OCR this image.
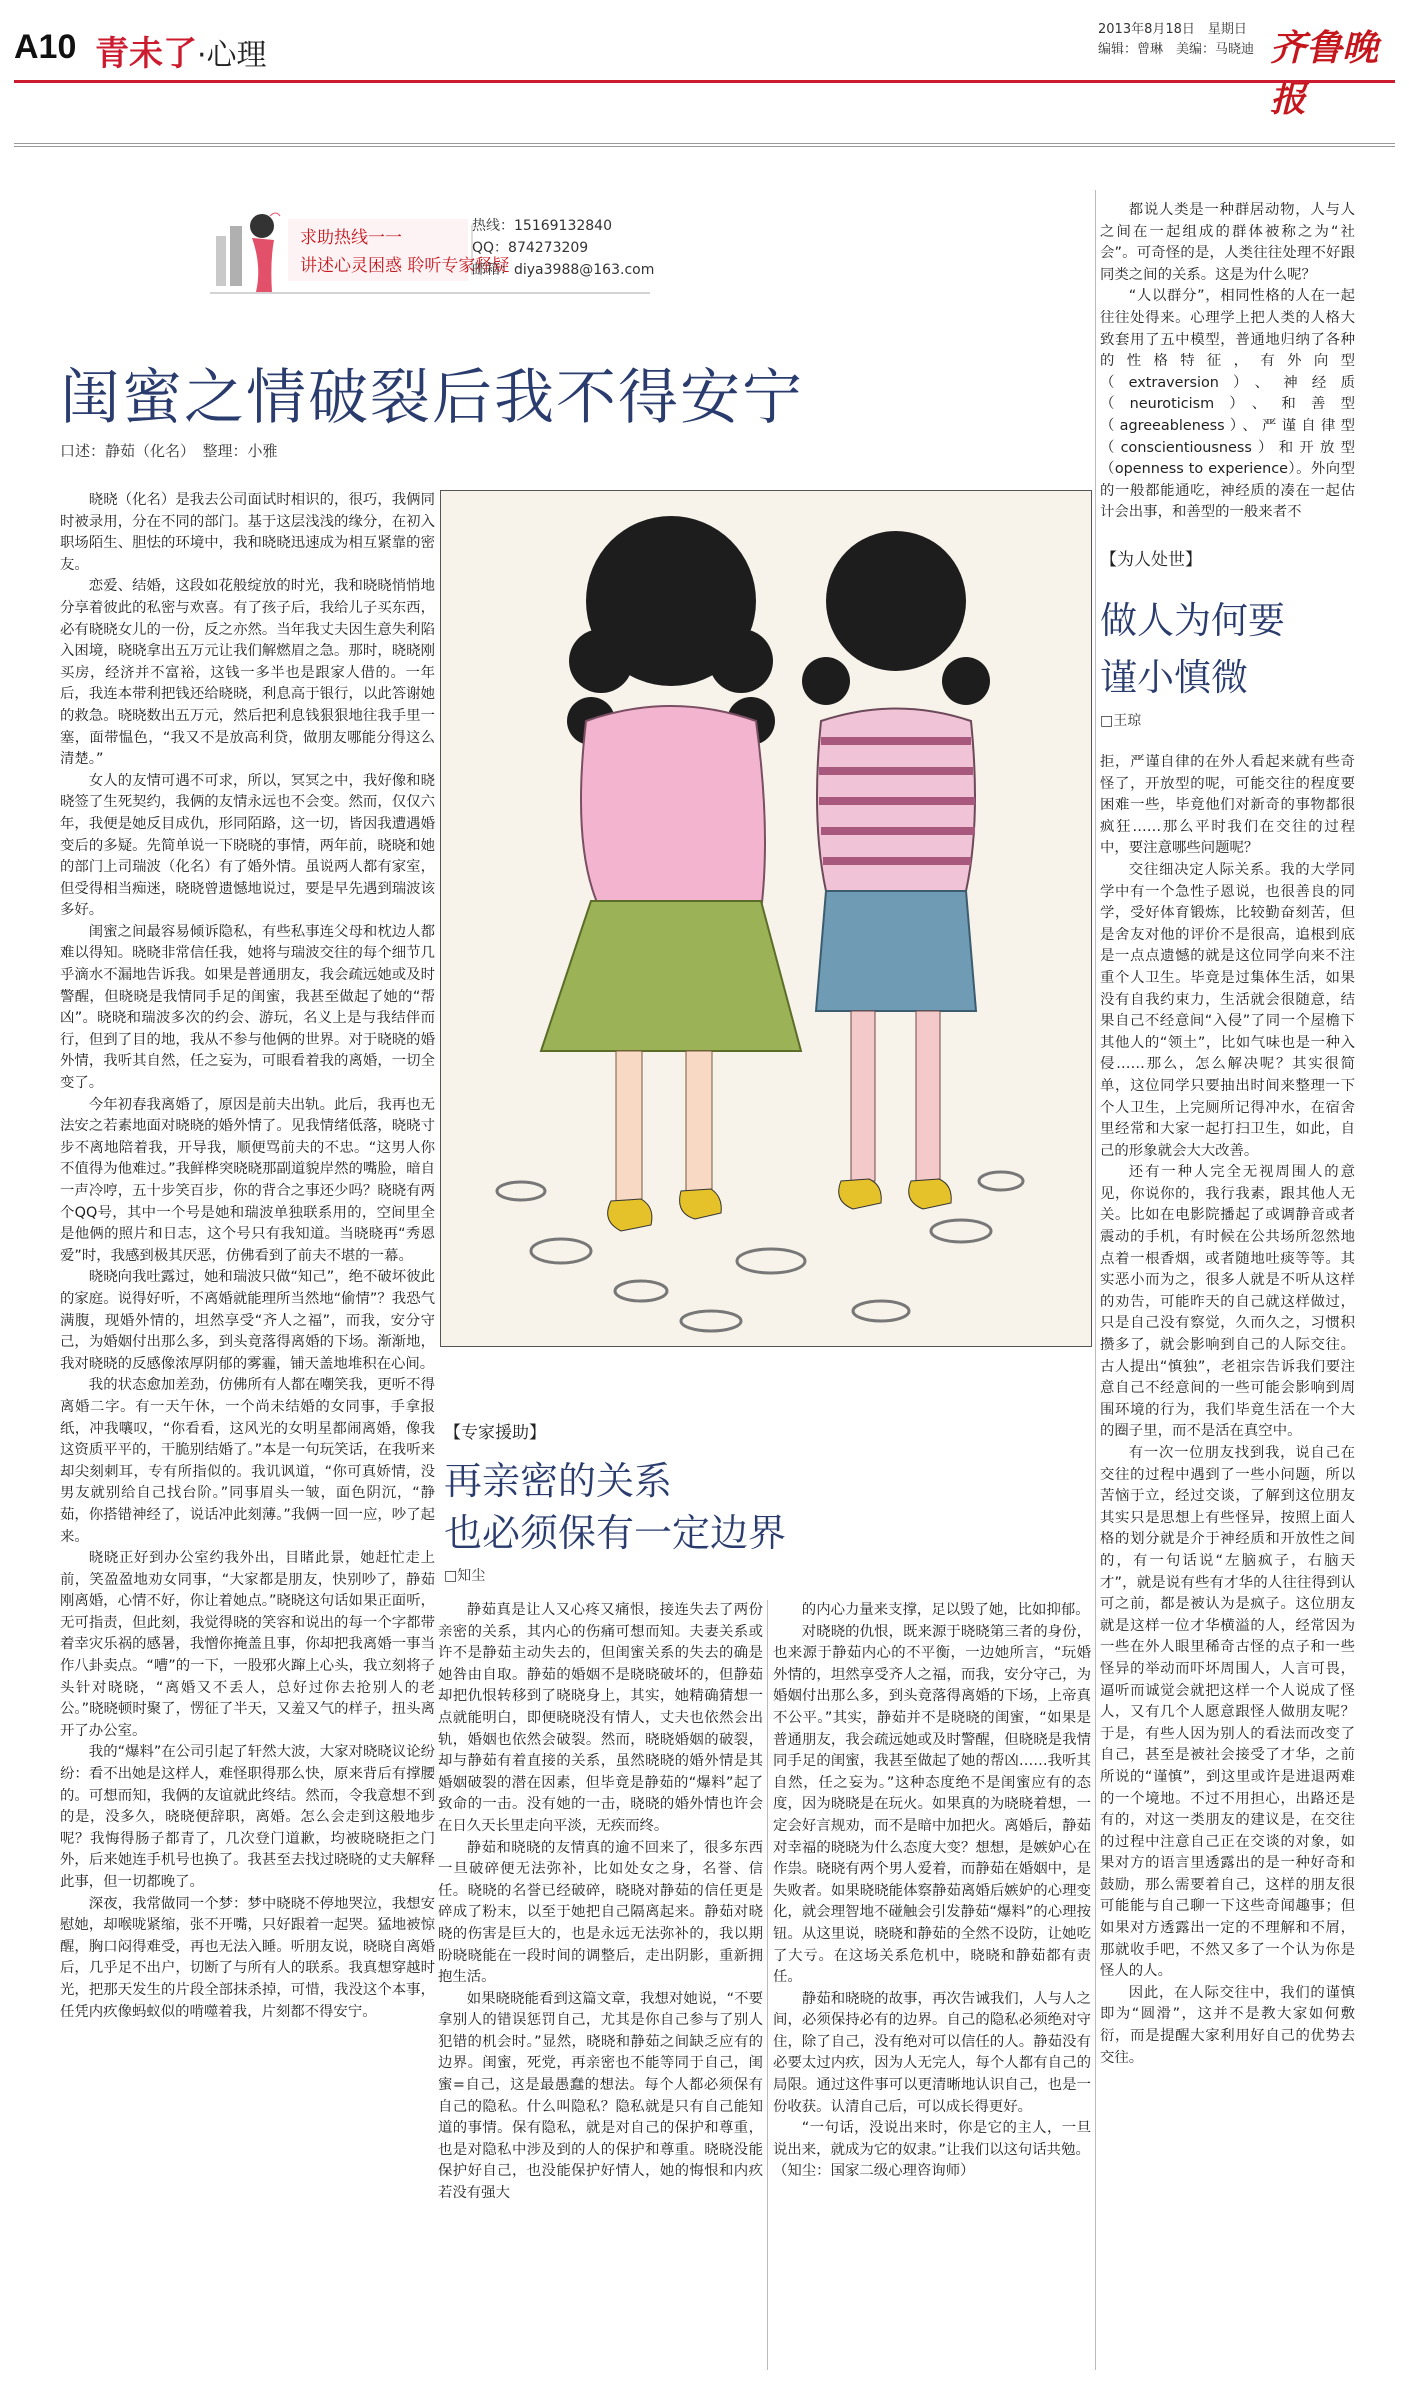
A10 青未了·心理
2013年8月18日　星期日
编辑：曾琳　美编：马晓迪 齐鲁晚报
求助热线一一
讲述心灵困惑 聆听专家释疑
热线：15169132840
QQ：874273209
邮箱：diya3988@163.com
闺蜜之情破裂后我不得安宁
口述：静茹（化名）　整理：小雅

晓晓（化名）是我去公司面试时相识的，很巧，我俩同时被录用，分在不同的部门。基于这层浅浅的缘分，在初入职场陌生、胆怯的环境中，我和晓晓迅速成为相互紧靠的密友。

恋爱、结婚，这段如花般绽放的时光，我和晓晓悄悄地分享着彼此的私密与欢喜。有了孩子后，我给儿子买东西，必有晓晓女儿的一份，反之亦然。当年我丈夫因生意失利陷入困境，晓晓拿出五万元让我们解燃眉之急。那时，晓晓刚买房，经济并不富裕，这钱一多半也是跟家人借的。一年后，我连本带利把钱还给晓晓，利息高于银行，以此答谢她的救急。晓晓数出五万元，然后把利息钱狠狠地往我手里一塞，面带愠色，“我又不是放高利贷，做朋友哪能分得这么清楚。”

女人的友情可遇不可求，所以，冥冥之中，我好像和晓晓签了生死契约，我俩的友情永远也不会变。然而，仅仅六年，我便是她反目成仇，形同陌路，这一切，皆因我遭遇婚变后的多疑。先简单说一下晓晓的事情，两年前，晓晓和她的部门上司瑞波（化名）有了婚外情。虽说两人都有家室，但受得相当痴迷，晓晓曾遗憾地说过，要是早先遇到瑞波该多好。

闺蜜之间最容易倾诉隐私，有些私事连父母和枕边人都难以得知。晓晓非常信任我，她将与瑞波交往的每个细节几乎滴水不漏地告诉我。如果是普通朋友，我会疏远她或及时警醒，但晓晓是我情同手足的闺蜜，我甚至做起了她的“帮凶”。晓晓和瑞波多次的约会、游玩，名义上是与我结伴而行，但到了目的地，我从不参与他俩的世界。对于晓晓的婚外情，我听其自然，任之妄为，可眼看着我的离婚，一切全变了。

今年初春我离婚了，原因是前夫出轨。此后，我再也无法安之若素地面对晓晓的婚外情了。见我情绪低落，晓晓寸步不离地陪着我，开导我，顺便骂前夫的不忠。“这男人你不值得为他难过。”我鲜桦突晓晓那副道貌岸然的嘴脸，暗自一声冷哼，五十步笑百步，你的背合之事还少吗？晓晓有两个QQ号，其中一个号是她和瑞波单独联系用的，空间里全是他俩的照片和日志，这个号只有我知道。当晓晓再“秀恩爱”时，我感到极其厌恶，仿佛看到了前夫不堪的一幕。

晓晓向我吐露过，她和瑞波只做“知己”，绝不破坏彼此的家庭。说得好听，不离婚就能理所当然地“偷情”？我恐气满腹，现婚外情的，坦然享受“齐人之福”，而我，安分守己，为婚姻付出那么多，到头竟落得离婚的下场。渐渐地，我对晓晓的反感像浓厚阴郁的雾霾，铺天盖地堆积在心间。

我的状态愈加差劲，仿佛所有人都在嘲笑我，更听不得离婚二字。有一天午休，一个尚未结婚的女同事，手拿报纸，冲我嚷叹，“你看看，这风光的女明星都闹离婚，像我这资质平平的，干脆别结婚了。”本是一句玩笑话，在我听来却尖刻刺耳，专有所指似的。我讥讽道，“你可真娇情，没男友就别给自己找台阶。”同事眉头一皱，面色阴沉，“静茹，你搭错神经了，说话冲此刻薄。”我俩一回一应，吵了起来。

晓晓正好到办公室约我外出，目睹此景，她赶忙走上前，笑盈盈地劝女同事，“大家都是朋友，快别吵了，静茹刚离婚，心情不好，你让着她点。”晓晓这句话如果正面听，无可指责，但此刻，我觉得晓的笑容和说出的每一个字都带着幸灾乐祸的感暑，我憎你掩盖且事，你却把我离婚一事当作八卦卖点。“嘈”的一下，一股邪火蹿上心头，我立刻将子头针对晓晓，“离婚又不丢人，总好过你去抢别人的老公。”晓晓顿时聚了，愣征了半天，又羞又气的样子，扭头离开了办公室。

我的“爆料”在公司引起了轩然大波，大家对晓晓议论纷纷：看不出她是这样人，难怪职得那么快，原来背后有撑腰的。可想而知，我俩的友谊就此终结。然而，令我意想不到的是，没多久，晓晓便辞职，离婚。怎么会走到这般地步呢？我悔得肠子都青了，几次登门道歉，均被晓晓拒之门外，后来她连手机号也换了。我甚至去找过晓晓的丈夫解释此事，但一切都晚了。

深夜，我常做同一个梦：梦中晓晓不停地哭泣，我想安慰她，却喉咙紧缩，张不开嘴，只好跟着一起哭。猛地被惊醒，胸口闷得难受，再也无法入睡。听朋友说，晓晓自离婚后，几乎足不出户，切断了与所有人的联系。我真想穿越时光，把那天发生的片段全部抹杀掉，可惜，我没这个本事，任凭内疚像蚂蚁似的啃噬着我，片刻都不得安宁。

【专家援助】
再亲密的关系
也必须保有一定边界
□知尘

静茹真是让人又心疼又痛恨，接连失去了两份亲密的关系，其内心的伤痛可想而知。夫妻关系或许不是静茹主动失去的，但闺蜜关系的失去的确是她咎由自取。静茹的婚姻不是晓晓破坏的，但静茹却把仇恨转移到了晓晓身上，其实，她精确猜想一点就能明白，即便晓晓没有情人，丈夫也依然会出轨，婚姻也依然会破裂。然而，晓晓婚姻的破裂，却与静茹有着直接的关系，虽然晓晓的婚外情是其婚姻破裂的潜在因素，但毕竟是静茹的“爆料”起了致命的一击。没有她的一击，晓晓的婚外情也许会在日久天长里走向平淡，无疾而终。

静茹和晓晓的友情真的逾不回来了，很多东西一旦破碎便无法弥补，比如处女之身，名誉、信任。晓晓的名誉已经破碎，晓晓对静茹的信任更是碎成了粉末，以至于她把自己隔离起来。静茹对晓晓的伤害是巨大的，也是永远无法弥补的，我以期盼晓晓能在一段时间的调整后，走出阴影，重新拥抱生活。

如果晓晓能看到这篇文章，我想对她说，“不要拿别人的错误惩罚自己，尤其是你自己参与了别人犯错的机会时。”显然，晓晓和静茹之间缺乏应有的边界。闺蜜，死党，再亲密也不能等同于自己，闺蜜=自己，这是最愚蠢的想法。每个人都必须保有自己的隐私。什么叫隐私？隐私就是只有自己能知道的事情。保有隐私，就是对自己的保护和尊重，也是对隐私中涉及到的人的保护和尊重。晓晓没能保护好自己，也没能保护好情人，她的悔恨和内疚若没有强大

的内心力量来支撑，足以毁了她，比如抑郁。

对晓晓的仇恨，既来源于晓晓第三者的身份，也来源于静茹内心的不平衡，一边她所言，“玩婚外情的，坦然享受齐人之福，而我，安分守己，为婚姻付出那么多，到头竟落得离婚的下场，上帝真不公平。”其实，静茹并不是晓晓的闺蜜，“如果是普通朋友，我会疏远她或及时警醒，但晓晓是我情同手足的闺蜜，我甚至做起了她的帮凶……我听其自然，任之妄为。”这种态度绝不是闺蜜应有的态度，因为晓晓是在玩火。如果真的为晓晓着想，一定会好言规劝，而不是暗中加把火。离婚后，静茹对幸福的晓晓为什么态度大变？想想，是嫉妒心在作祟。晓晓有两个男人爱着，而静茹在婚姻中，是失败者。如果晓晓能体察静茹离婚后嫉妒的心理变化，就会理智地不碰触会引发静茹“爆料”的心理按钮。从这里说，晓晓和静茹的全然不设防，让她吃了大亏。在这场关系危机中，晓晓和静茹都有责任。

静茹和晓晓的故事，再次告诫我们，人与人之间，必须保持必有的边界。自己的隐私必须绝对守住，除了自己，没有绝对可以信任的人。静茹没有必要太过内疚，因为人无完人，每个人都有自己的局限。通过这件事可以更清晰地认识自己，也是一份收获。认清自己后，可以成长得更好。

“一句话，没说出来时，你是它的主人，一旦说出来，就成为它的奴隶。”让我们以这句话共勉。

（知尘：国家二级心理咨询师）

都说人类是一种群居动物，人与人之间在一起组成的群体被称之为“社会”。可奇怪的是，人类往往处理不好跟同类之间的关系。这是为什么呢？

“人以群分”，相同性格的人在一起往往处得来。心理学上把人类的人格大致套用了五中模型，普通地归纳了各种的性格特征，有外向型（extraversion）、神经质（neuroticism）、和善型（agreeableness）、严谨自律型（conscientiousness）和开放型（openness to experience）。外向型的一般都能通吃，神经质的凑在一起估计会出事，和善型的一般来者不

【为人处世】
做人为何要
谨小慎微
□王琼

拒，严谨自律的在外人看起来就有些奇怪了，开放型的呢，可能交往的程度要困难一些，毕竟他们对新奇的事物都很疯狂……那么平时我们在交往的过程中，要注意哪些问题呢？

交往细决定人际关系。我的大学同学中有一个急性子恩说，也很善良的同学，受好体育锻炼，比较勤奋刻苦，但是舍友对他的评价不是很高，追根到底是一点点遗憾的就是这位同学向来不注重个人卫生。毕竟是过集体生活，如果没有自我约束力，生活就会很随意，结果自己不经意间“入侵”了同一个屋檐下其他人的“领土”，比如气味也是一种入侵……那么，怎么解决呢？其实很简单，这位同学只要抽出时间来整理一下个人卫生，上完厕所记得冲水，在宿舍里经常和大家一起打扫卫生，如此，自己的形象就会大大改善。

还有一种人完全无视周围人的意见，你说你的，我行我素，跟其他人无关。比如在电影院播起了或调静音或者震动的手机，有时候在公共场所忽然地点着一根香烟，或者随地吐痰等等。其实恶小而为之，很多人就是不听从这样的劝告，可能昨天的自己就这样做过，只是自己没有察觉，久而久之，习惯积攒多了，就会影响到自己的人际交往。古人提出“慎独”，老祖宗告诉我们要注意自己不经意间的一些可能会影响到周围环境的行为，我们毕竟生活在一个大的圈子里，而不是活在真空中。

有一次一位朋友找到我，说自己在交往的过程中遇到了一些小问题，所以苦恼于立，经过交谈，了解到这位朋友其实只是思想上有些怪异，按照上面人格的划分就是介于神经质和开放性之间的，有一句话说“左脑疯子，右脑天才”，就是说有些有才华的人往往得到认可之前，都是被认为是疯子。这位朋友就是这样一位才华横溢的人，经常因为一些在外人眼里稀奇古怪的点子和一些怪异的举动而吓坏周围人，人言可畏，逼听而诚觉会就把这样一个人说成了怪人，又有几个人愿意跟怪人做朋友呢？于是，有些人因为别人的看法而改变了自己，甚至是被社会接受了才华，之前所说的“谨慎”，到这里或许是进退两难的一个境地。不过不用担心，出路还是有的，对这一类朋友的建议是，在交往的过程中注意自己正在交谈的对象，如果对方的语言里透露出的是一种好奇和鼓励，那么需要着自己，这样的朋友很可能能与自己聊一下这些奇闻趣事；但如果对方透露出一定的不理解和不屑，那就收手吧，不然又多了一个认为你是怪人的人。

因此，在人际交往中，我们的谨慎即为“圆滑”，这并不是教大家如何敷衍，而是提醒大家利用好自己的优势去交往。
